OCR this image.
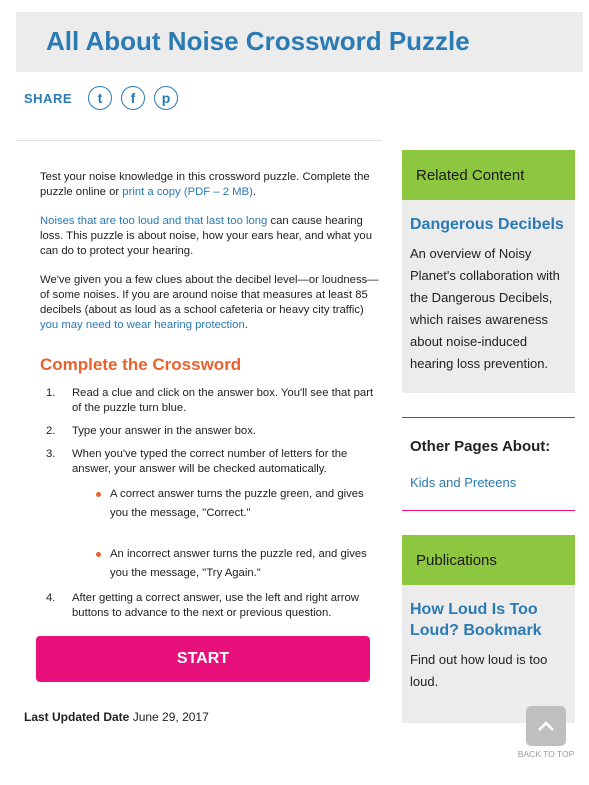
All About Noise Crossword Puzzle
SHARE	t	f	p

Test your noise knowledge in this crossword puzzle. Complete the puzzle online or print a copy (PDF – 2 MB).

Noises that are too loud and that last too long can cause hearing loss. This puzzle is about noise, how your ears hear, and what you can do to protect your hearing.

We've given you a few clues about the decibel level—or loudness—of some noises. If you are around noise that measures at least 85 decibels (about as loud as a school cafeteria or heavy city traffic) you may need to wear hearing protection.

Complete the Crossword
1. Read a clue and click on the answer box. You'll see that part of the puzzle turn blue.
2. Type your answer in the answer box.
3. When you've typed the correct number of letters for the answer, your answer will be checked automatically.
A correct answer turns the puzzle green, and gives you the message, "Correct."
An incorrect answer turns the puzzle red, and gives you the message, "Try Again."
4. After getting a correct answer, use the left and right arrow buttons to advance to the next or previous question.
START
Last Updated Date June 29, 2017
Related Content
Dangerous Decibels

An overview of Noisy Planet's collaboration with the Dangerous Decibels, which raises awareness about noise-induced hearing loss prevention.

Other Pages About:
Kids and Preteens
Publications
How Loud Is Too Loud? Bookmark

Find out how loud is too loud.

BACK TO TOP
